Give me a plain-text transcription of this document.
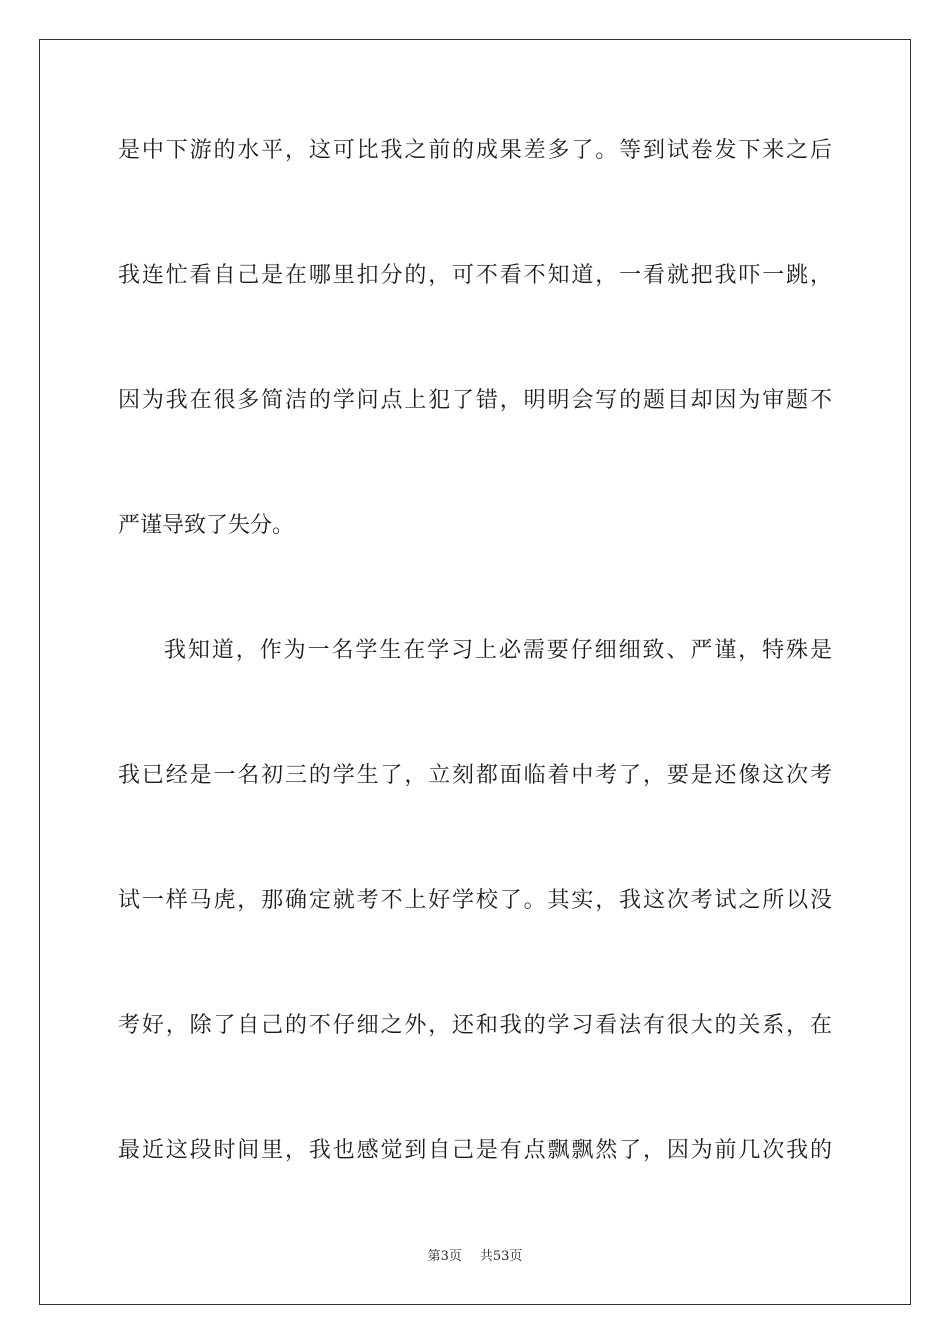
是中下游的水平，这可比我之前的成果差多了。等到试卷发下来之后
我连忙看自己是在哪里扣分的，可不看不知道，一看就把我吓一跳，
因为我在很多简洁的学问点上犯了错，明明会写的题目却因为审题不
严谨导致了失分。
我知道，作为一名学生在学习上必需要仔细细致、严谨，特殊是
我已经是一名初三的学生了，立刻都面临着中考了，要是还像这次考
试一样马虎，那确定就考不上好学校了。其实，我这次考试之所以没
考好，除了自己的不仔细之外，还和我的学习看法有很大的关系，在
最近这段时间里，我也感觉到自己是有点飘飘然了，因为前几次我的
第3页 共53页
